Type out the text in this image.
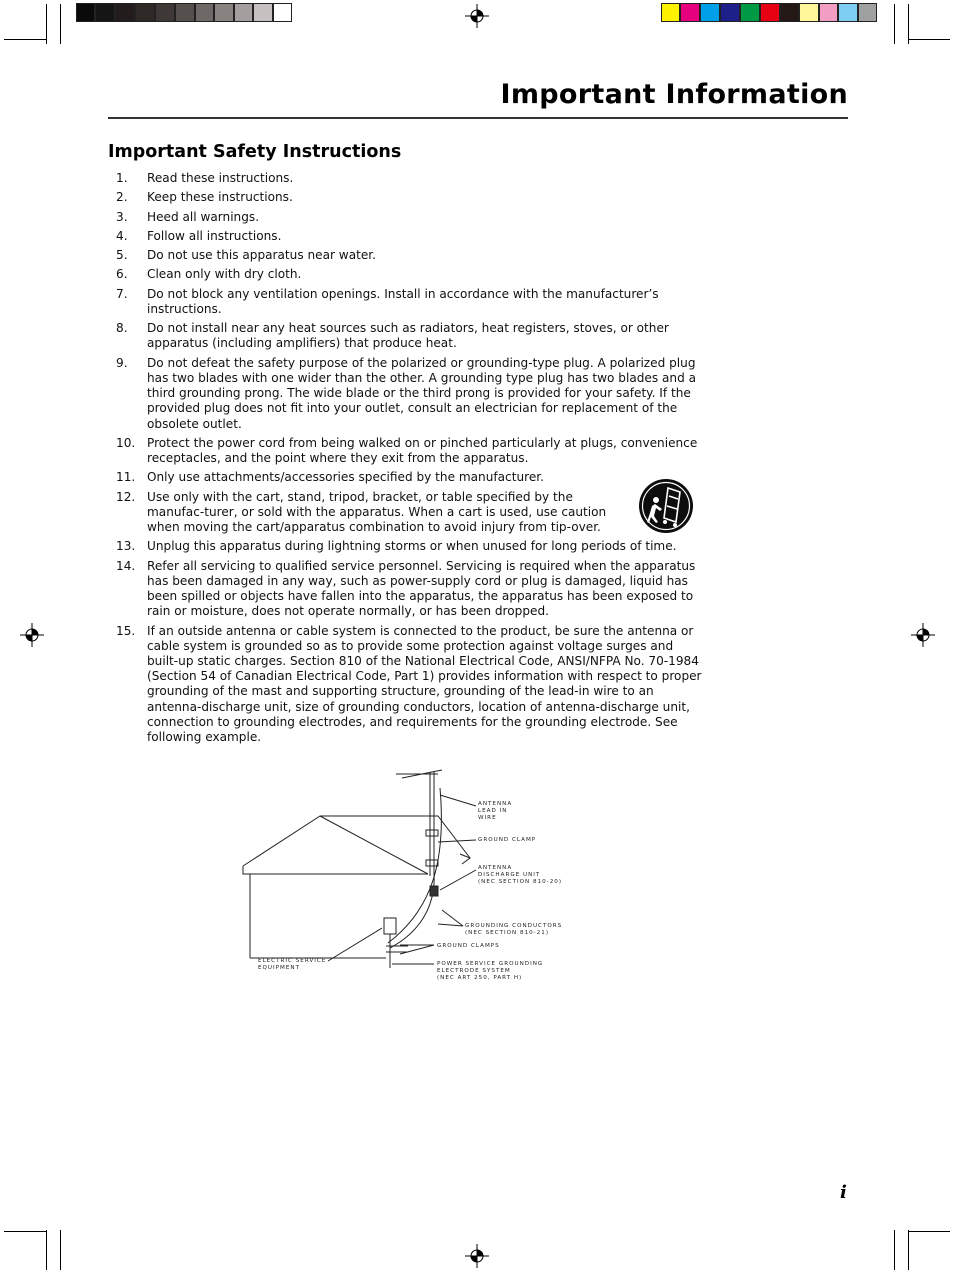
Important Information
Important Safety Instructions
1.	Read these instructions.
2.	Keep these instructions.
3.	Heed all warnings.
4.	Follow all instructions.
5.	Do not use this apparatus near water.
6.	Clean only with dry cloth.
7.	Do not block any ventilation openings. Install in accordance with the manufacturer’s instructions.
8.	Do not install near any heat sources such as radiators, heat registers, stoves, or other apparatus (including amplifiers) that produce heat.
9.	Do not defeat the safety purpose of the polarized or grounding-type plug. A polarized plug has two blades with one wider than the other. A grounding type plug has two blades and a third grounding prong. The wide blade or the third prong is provided for your safety. If the provided plug does not fit into your outlet, consult an electrician for replacement of the obsolete outlet.
10. Protect the power cord from being walked on or pinched particularly at plugs, convenience receptacles, and the point where they exit from the apparatus.
11. Only use attachments/accessories specified by the manufacturer.
12. Use only with the cart, stand, tripod, bracket, or table specified by the manufac-turer, or sold with the apparatus. When a cart is used, use caution when moving the cart/apparatus combination to avoid injury from tip-over.
13. Unplug this apparatus during lightning storms or when unused for long periods of time.
14. Refer all servicing to qualified service personnel. Servicing is required when the apparatus has been damaged in any way, such as power-supply cord or plug is damaged, liquid has been spilled or objects have fallen into the apparatus, the apparatus has been exposed to rain or moisture, does not operate normally, or has been dropped.
15. If an outside antenna or cable system is connected to the product, be sure the antenna or cable system is grounded so as to provide some protection against voltage surges and built-up static charges. Section 810 of the National Electrical Code, ANSI/NFPA No. 70-1984 (Section 54 of Canadian Electrical Code, Part 1) provides information with respect to proper grounding of the mast and supporting structure, grounding of the lead-in wire to an antenna-discharge unit, size of grounding conductors, location of antenna-discharge unit, connection to grounding electrodes, and requirements for the grounding electrode. See following example.
ANTENNA
LEAD IN
WIRE
GROUND CLAMP
ANTENNA
DISCHARGE UNIT
(NEC SECTION 810-20)
GROUNDING CONDUCTORS
(NEC SECTION 810-21)
GROUND CLAMPS
ELECTRIC SERVICE
EQUIPMENT
POWER SERVICE GROUNDING
ELECTRODE SYSTEM
(NEC ART 250, PART H)
i
